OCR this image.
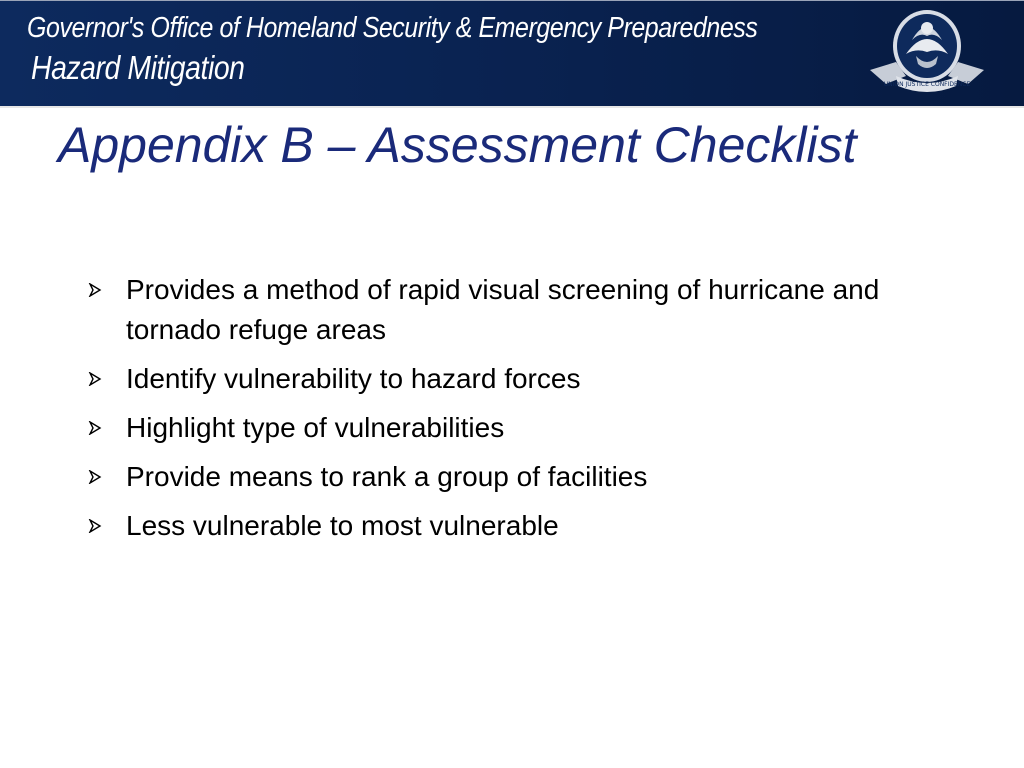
Governor's Office of Homeland Security & Emergency Preparedness
Hazard Mitigation	UNION JUSTICE CONFIDENCE
Appendix B – Assessment Checklist
Provides a method of rapid visual screening of hurricane and tornado refuge areas
Identify vulnerability to hazard forces
Highlight type of vulnerabilities
Provide means to rank a group of facilities
Less vulnerable to most vulnerable
